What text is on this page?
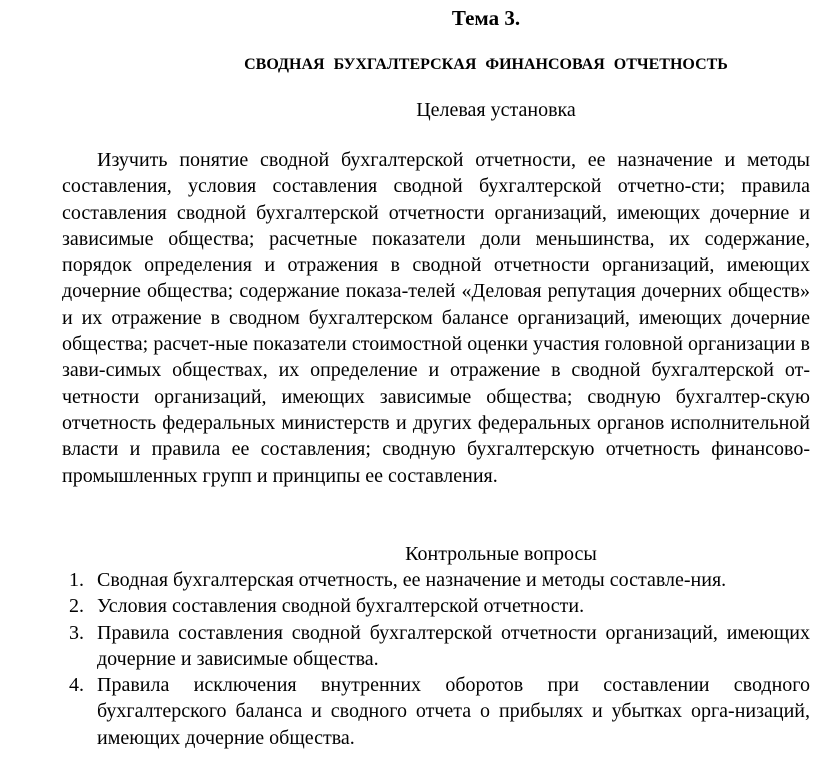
Тема 3.
СВОДНАЯ БУХГАЛТЕРСКАЯ ФИНАНСОВАЯ ОТЧЕТНОСТЬ
Целевая установка

Изучить понятие сводной бухгалтерской отчетности, ее назначение и методы составления, условия составления сводной бухгалтерской отчетно-сти; правила составления сводной бухгалтерской отчетности организаций, имеющих дочерние и зависимые общества; расчетные показатели доли меньшинства, их содержание, порядок определения и отражения в сводной отчетности организаций, имеющих дочерние общества; содержание показа-телей «Деловая репутация дочерних обществ» и их отражение в сводном бухгалтерском балансе организаций, имеющих дочерние общества; расчет-ные показатели стоимостной оценки участия головной организации в зави-симых обществах, их определение и отражение в сводной бухгалтерской от-четности организаций, имеющих зависимые общества; сводную бухгалтер-скую отчетность федеральных министерств и других федеральных органов исполнительной власти и правила ее составления; сводную бухгалтерскую отчетность финансово-промышленных групп и принципы ее составления.

Контрольные вопросы
1. Сводная бухгалтерская отчетность, ее назначение и методы составле-ния.
2. Условия составления сводной бухгалтерской отчетности.
3. Правила составления сводной бухгалтерской отчетности организаций, имеющих дочерние и зависимые общества.
4. Правила исключения внутренних оборотов при составлении сводного бухгалтерского баланса и сводного отчета о прибылях и убытках орга-низаций, имеющих дочерние общества.
